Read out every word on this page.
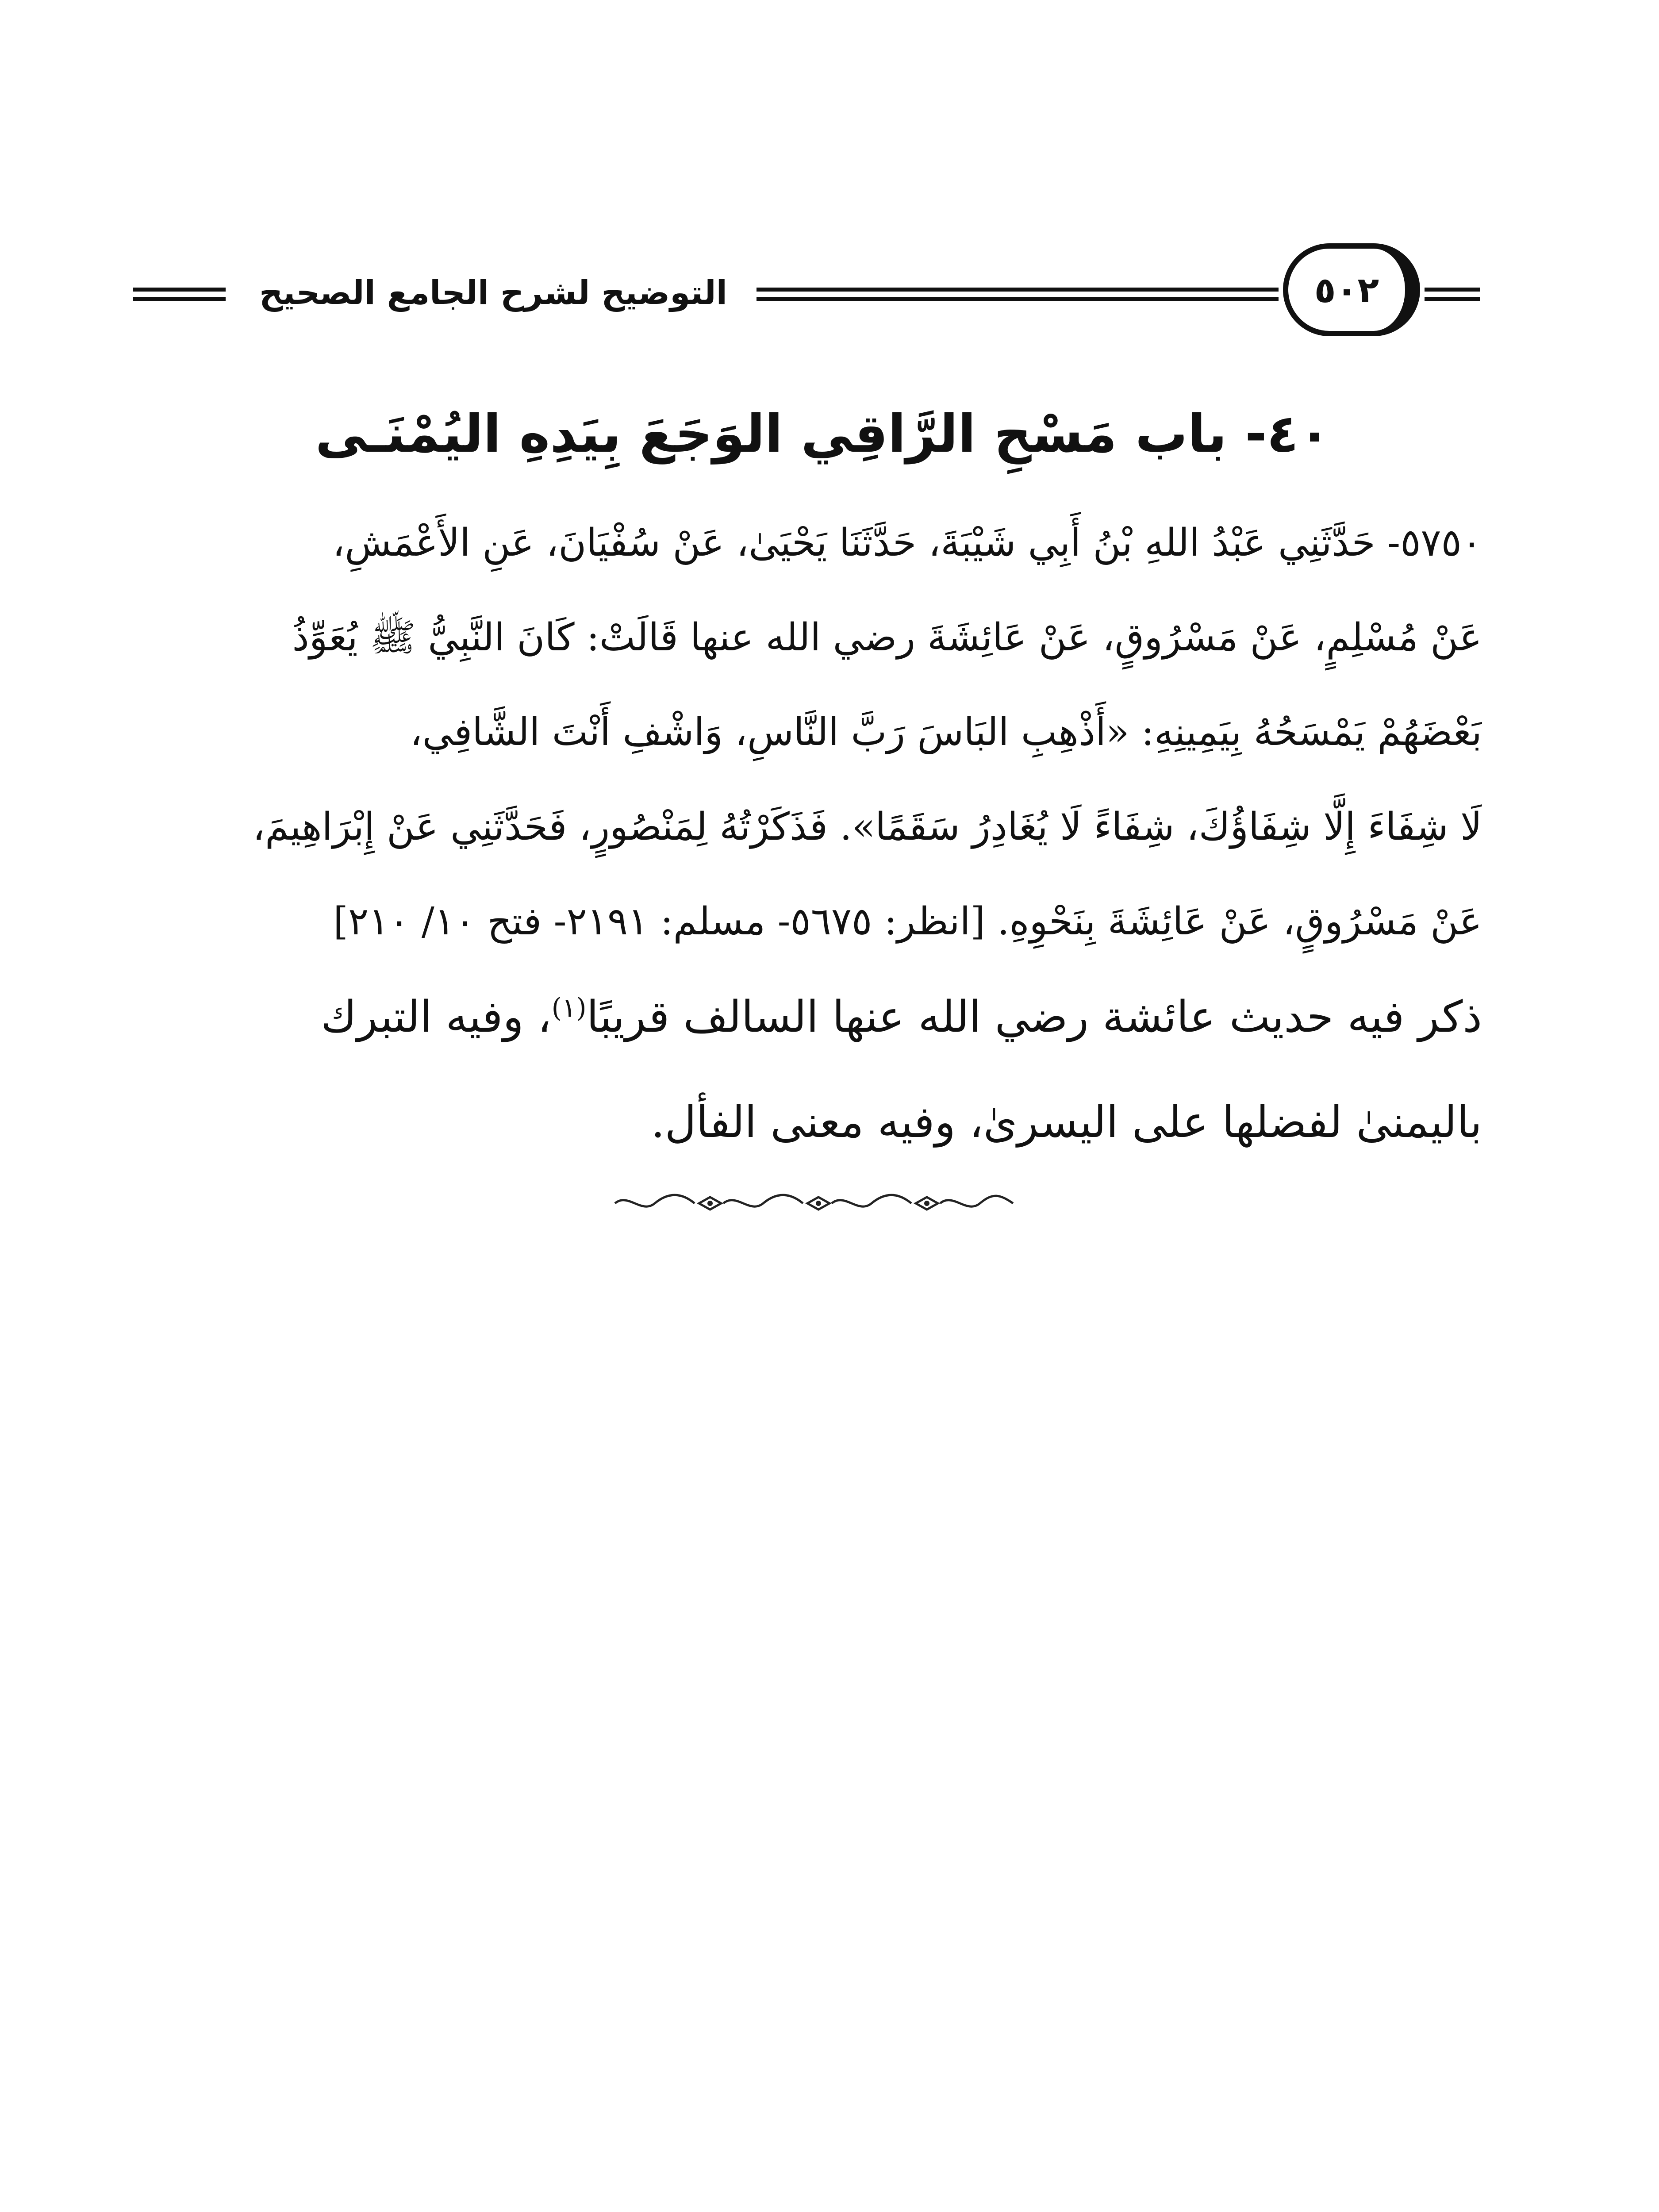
التوضيح لشرح الجامع الصحيح	٥٠٢
٤٠- باب مَسْحِ الرَّاقِي الوَجَعَ بِيَدِهِ اليُمْنَـى
٥٧٥٠- حَدَّثَنِي عَبْدُ اللهِ بْنُ أَبِي شَيْبَةَ، حَدَّثَنَا يَحْيَىٰ، عَنْ سُفْيَانَ، عَنِ الأَعْمَشِ،
عَنْ مُسْلِمٍ، عَنْ مَسْرُوقٍ، عَنْ عَائِشَةَ رضي الله عنها قَالَتْ: كَانَ النَّبِيُّ ﷺ يُعَوِّذُ
بَعْضَهُمْ يَمْسَحُهُ بِيَمِينِهِ: «أَذْهِبِ البَاسَ رَبَّ النَّاسِ، وَاشْفِ أَنْتَ الشَّافِي،
لَا شِفَاءَ إِلَّا شِفَاؤُكَ، شِفَاءً لَا يُغَادِرُ سَقَمًا». فَذَكَرْتُهُ لِمَنْصُورٍ، فَحَدَّثَنِي عَنْ إِبْرَاهِيمَ،
عَنْ مَسْرُوقٍ، عَنْ عَائِشَةَ بِنَحْوِهِ. [انظر: ٥٦٧٥- مسلم: ٢١٩١- فتح ١٠/ ٢١٠]
ذكر فيه حديث عائشة رضي الله عنها السالف قريبًا$^{(١)}$، وفيه التبرك
باليمنىٰ لفضلها على اليسرىٰ، وفيه معنى الفأل.
